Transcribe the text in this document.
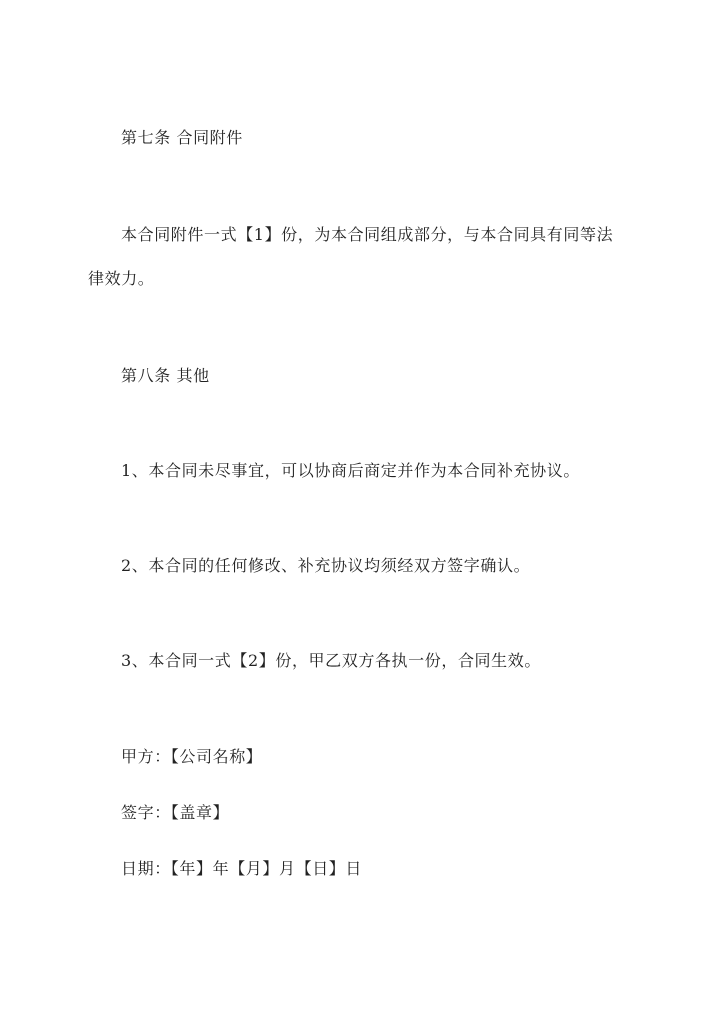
第七条 合同附件

本合同附件一式【1】份，为本合同组成部分，与本合同具有同等法

律效力。

第八条 其他

1、本合同未尽事宜，可以协商后商定并作为本合同补充协议。

2、本合同的任何修改、补充协议均须经双方签字确认。

3、本合同一式【2】份，甲乙双方各执一份，合同生效。

甲方：【公司名称】

签字：【盖章】

日期：【年】年【月】月【日】日
